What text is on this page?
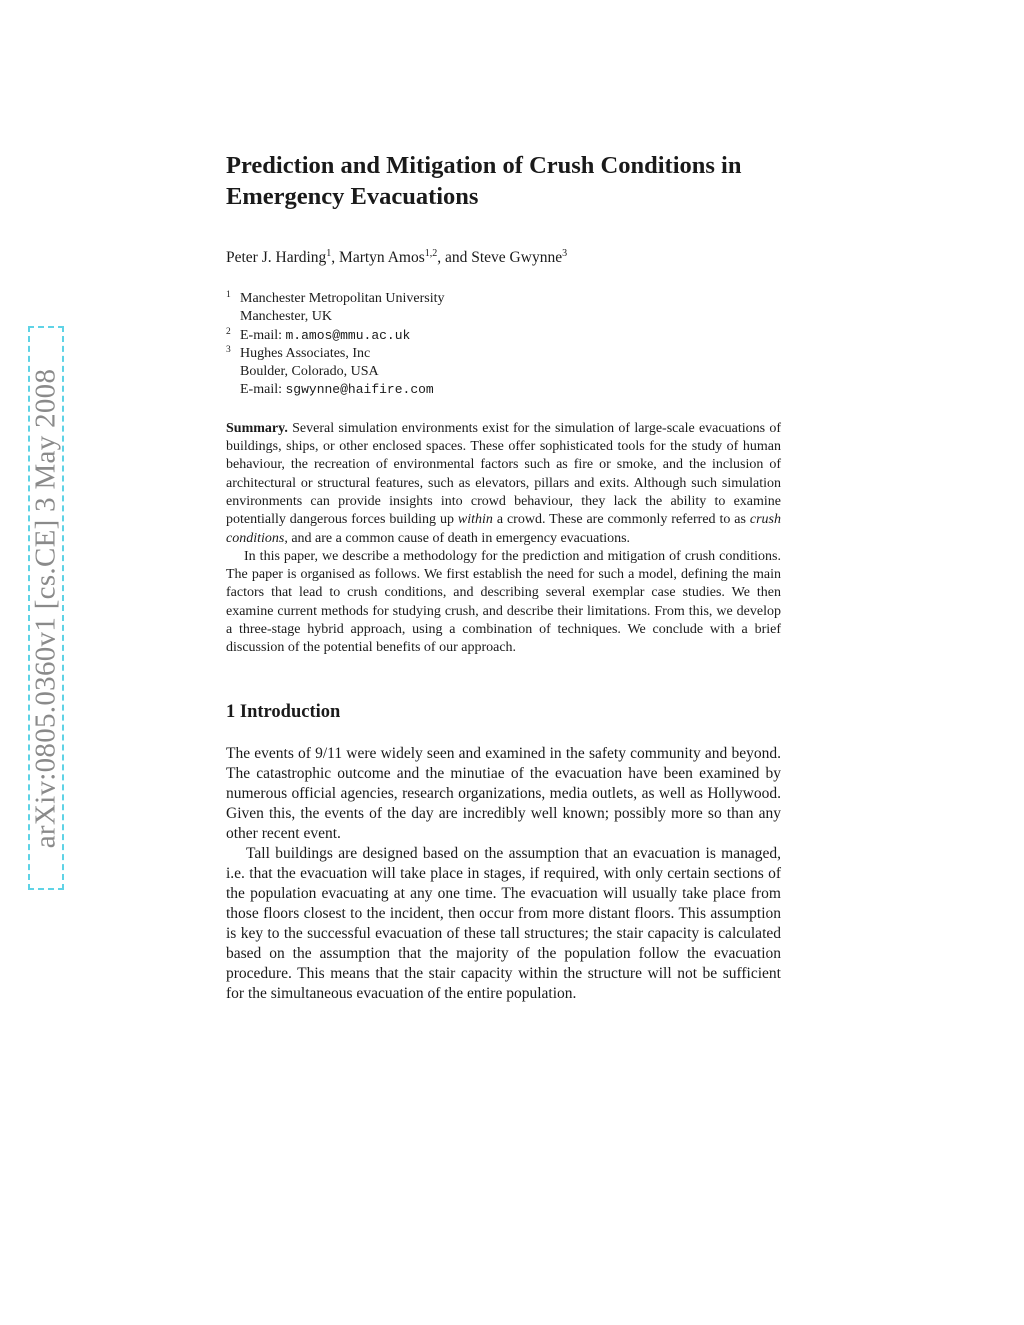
arXiv:0805.0360v1 [cs.CE] 3 May 2008
Prediction and Mitigation of Crush Conditions in Emergency Evacuations
Peter J. Harding$^1$, Martyn Amos$^{1,2}$, and Steve Gwynne$^3$
1 Manchester Metropolitan University
Manchester, UK
2 E-mail: m.amos@mmu.ac.uk
3 Hughes Associates, Inc
Boulder, Colorado, USA
E-mail: sgwynne@haifire.com

Summary. Several simulation environments exist for the simulation of large-scale evacuations of buildings, ships, or other enclosed spaces. These offer sophisticated tools for the study of human behaviour, the recreation of environmental factors such as fire or smoke, and the inclusion of architectural or structural features, such as elevators, pillars and exits. Although such simulation environments can provide insights into crowd behaviour, they lack the ability to examine potentially dangerous forces building up within a crowd. These are commonly referred to as crush conditions, and are a common cause of death in emergency evacuations.

In this paper, we describe a methodology for the prediction and mitigation of crush conditions. The paper is organised as follows. We first establish the need for such a model, defining the main factors that lead to crush conditions, and describing several exemplar case studies. We then examine current methods for studying crush, and describe their limitations. From this, we develop a three-stage hybrid approach, using a combination of techniques. We conclude with a brief discussion of the potential benefits of our approach.

1 Introduction

The events of 9/11 were widely seen and examined in the safety community and beyond. The catastrophic outcome and the minutiae of the evacuation have been examined by numerous official agencies, research organizations, media outlets, as well as Hollywood. Given this, the events of the day are incredibly well known; possibly more so than any other recent event.

Tall buildings are designed based on the assumption that an evacuation is managed, i.e. that the evacuation will take place in stages, if required, with only certain sections of the population evacuating at any one time. The evacuation will usually take place from those floors closest to the incident, then occur from more distant floors. This assumption is key to the successful evacuation of these tall structures; the stair capacity is calculated based on the assumption that the majority of the population follow the evacuation procedure. This means that the stair capacity within the structure will not be sufficient for the simultaneous evacuation of the entire population.
